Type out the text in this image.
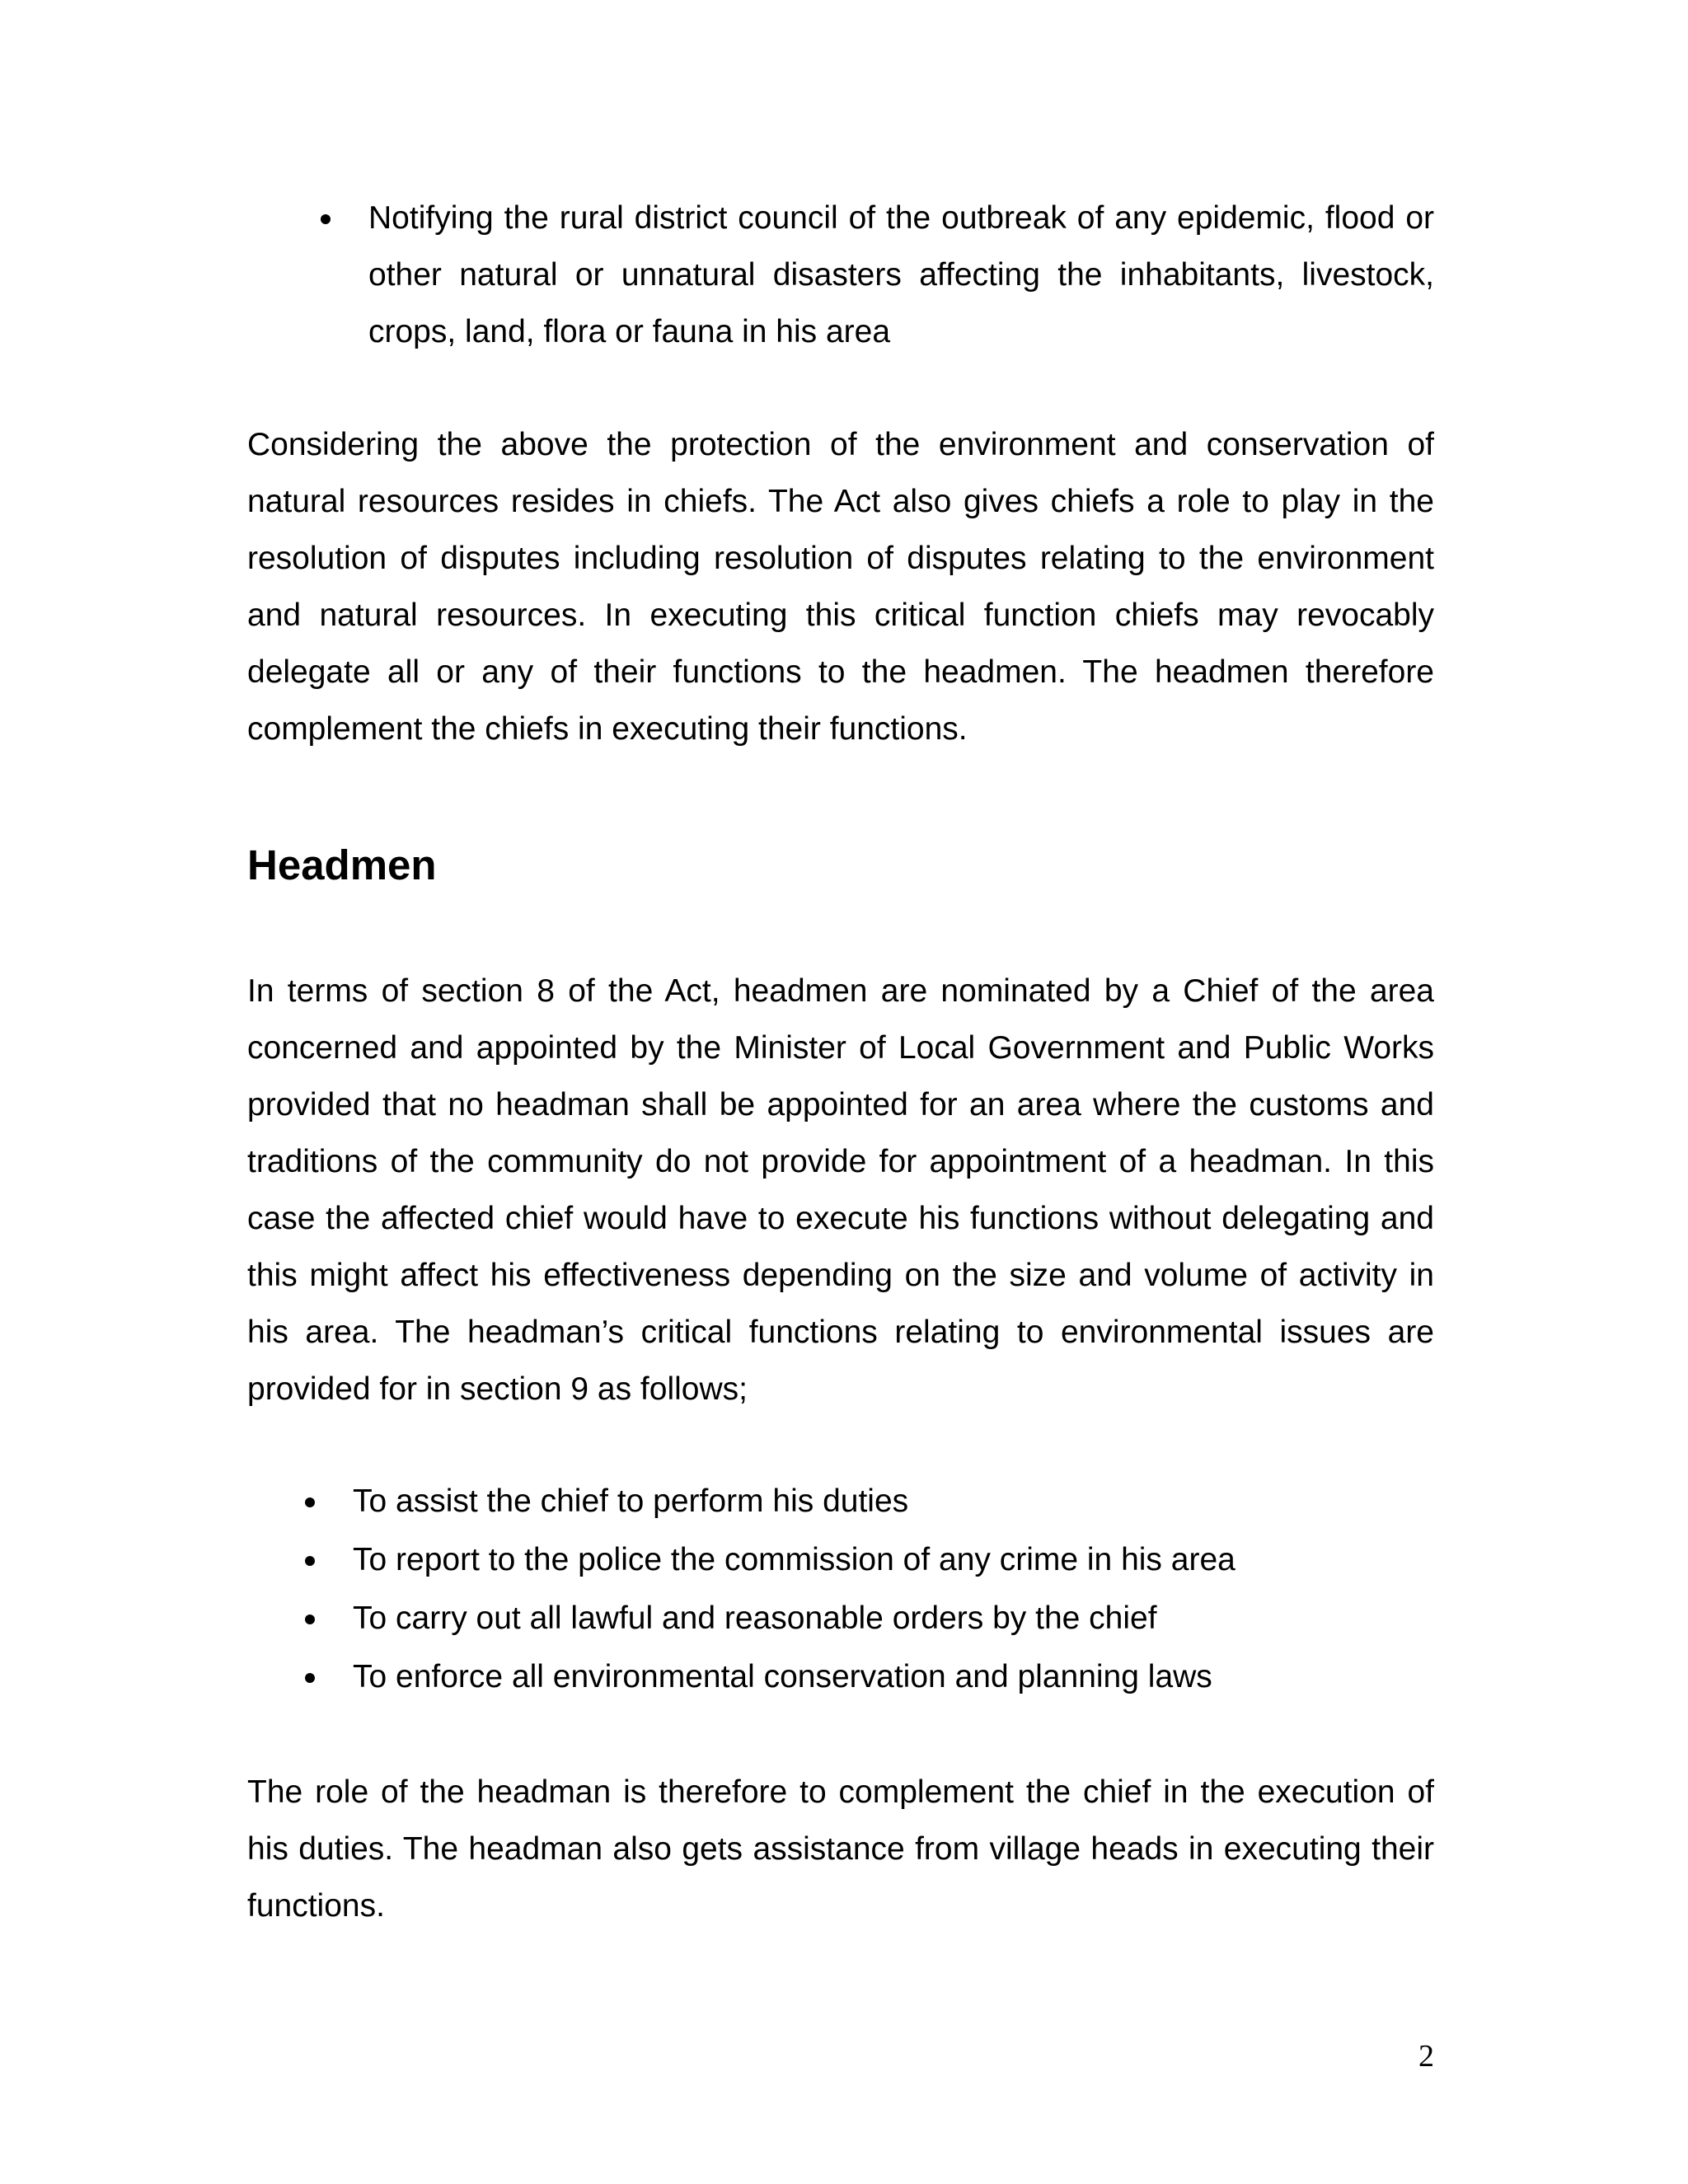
Notifying the rural district council of the outbreak of any epidemic, flood or other natural or unnatural disasters affecting the inhabitants, livestock, crops, land, flora or fauna in his area

Considering the above the protection of the environment and conservation of natural resources resides in chiefs. The Act also gives chiefs a role to play in the resolution of disputes including resolution of disputes relating to the environment and natural resources. In executing this critical function chiefs may revocably delegate all or any of their functions to the headmen. The headmen therefore complement the chiefs in executing their functions.

Headmen

In terms of section 8 of the Act, headmen are nominated by a Chief of the area concerned and appointed by the Minister of Local Government and Public Works provided that no headman shall be appointed for an area where the customs and traditions of the community do not provide for appointment of a headman. In this case the affected chief would have to execute his functions without delegating and this might affect his effectiveness depending on the size and volume of activity in his area. The headman’s critical functions relating to environmental issues are provided for in section 9 as follows;

To assist the chief to perform his duties

To report to the police the commission of any crime in his area

To carry out all lawful and reasonable orders by the chief

To enforce all environmental conservation and planning laws

The role of the headman is therefore to complement the chief in the execution of his duties. The headman also gets assistance from village heads in executing their functions.

2
